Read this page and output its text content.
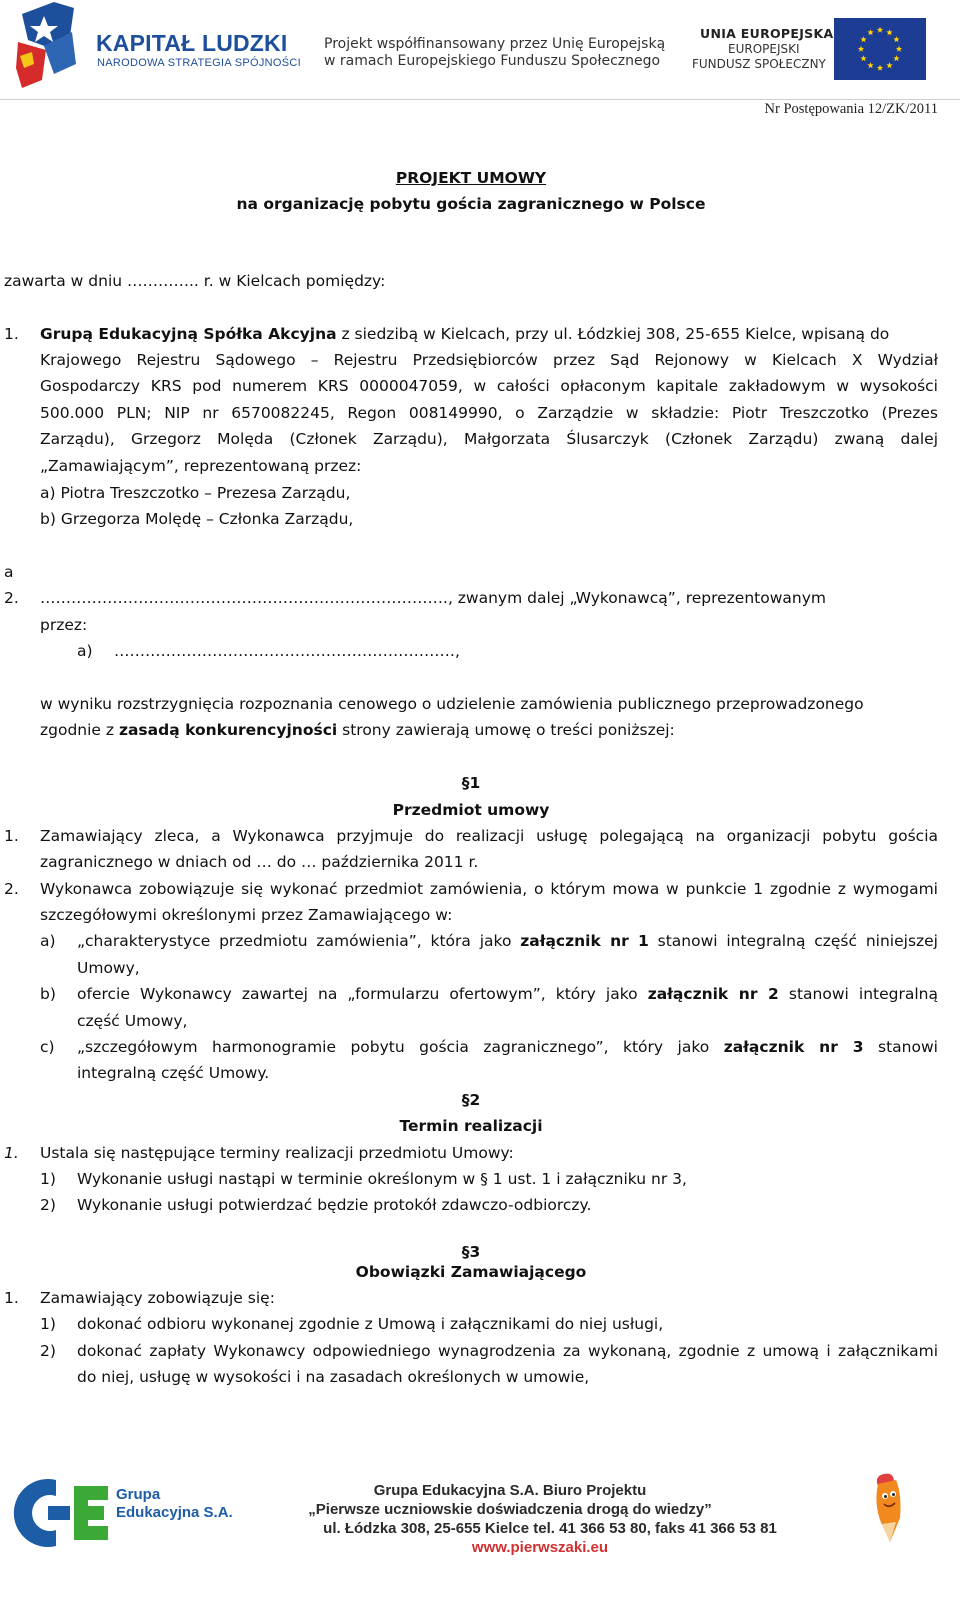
KAPITAŁ LUDZKI
NARODOWA STRATEGIA SPÓJNOŚCI
Projekt współfinansowany przez Unię Europejską
w ramach Europejskiego Funduszu Społecznego
UNIA EUROPEJSKA
EUROPEJSKI
FUNDUSZ SPOŁECZNY
Nr Postępowania 12/ZK/2011
PROJEKT UMOWY
na organizację pobytu gościa zagranicznego w Polsce
zawarta w dniu ………….. r. w Kielcach pomiędzy:
1. Grupą Edukacyjną Spółka Akcyjna z siedzibą w Kielcach, przy ul. Łódzkiej 308, 25-655 Kielce, wpisaną do
Krajowego Rejestru Sądowego – Rejestru Przedsiębiorców przez Sąd Rejonowy w Kielcach X Wydział
Gospodarczy KRS pod numerem KRS 0000047059, w całości opłaconym kapitale zakładowym w wysokości
500.000 PLN; NIP nr 6570082245, Regon 008149990, o Zarządzie w składzie: Piotr Treszczotko (Prezes
Zarządu), Grzegorz Molęda (Członek Zarządu), Małgorzata Ślusarczyk (Członek Zarządu) zwaną dalej
„Zamawiającym”, reprezentowaną przez:
a) Piotra Treszczotko – Prezesa Zarządu,
b) Grzegorza Molędę – Członka Zarządu,
a
2. ……………………………………………………………………., zwanym dalej „Wykonawcą”, reprezentowanym
przez:
a) …………………………………………………………,
w wyniku rozstrzygnięcia rozpoznania cenowego o udzielenie zamówienia publicznego przeprowadzonego
zgodnie z zasadą konkurencyjności strony zawierają umowę o treści poniższej:
§1
Przedmiot umowy
1. Zamawiający zleca, a Wykonawca przyjmuje do realizacji usługę polegającą na organizacji pobytu gościa
zagranicznego w dniach od … do … października 2011 r.
2. Wykonawca zobowiązuje się wykonać przedmiot zamówienia, o którym mowa w punkcie 1 zgodnie z wymogami
szczegółowymi określonymi przez Zamawiającego w:
a) „charakterystyce przedmiotu zamówienia”, która jako załącznik nr 1 stanowi integralną część niniejszej
Umowy,
b) ofercie Wykonawcy zawartej na „formularzu ofertowym”, który jako załącznik nr 2 stanowi integralną
część Umowy,
c) „szczegółowym harmonogramie pobytu gościa zagranicznego”, który jako załącznik nr 3 stanowi
integralną część Umowy.
§2
Termin realizacji
1. Ustala się następujące terminy realizacji przedmiotu Umowy:
1) Wykonanie usługi nastąpi w terminie określonym w § 1 ust. 1 i załączniku nr 3,
2) Wykonanie usługi potwierdzać będzie protokół zdawczo-odbiorczy.
§3
Obowiązki Zamawiającego
1. Zamawiający zobowiązuje się:
1) dokonać odbioru wykonanej zgodnie z Umową i załącznikami do niej usługi,
2) dokonać zapłaty Wykonawcy odpowiedniego wynagrodzenia za wykonaną, zgodnie z umową i załącznikami
do niej, usługę w wysokości i na zasadach określonych w umowie,
Grupa
Edukacyjna S.A.
Grupa Edukacyjna S.A. Biuro Projektu
„Pierwsze uczniowskie doświadczenia drogą do wiedzy”
ul. Łódzka 308, 25-655 Kielce tel. 41 366 53 80, faks 41 366 53 81
www.pierwszaki.eu
